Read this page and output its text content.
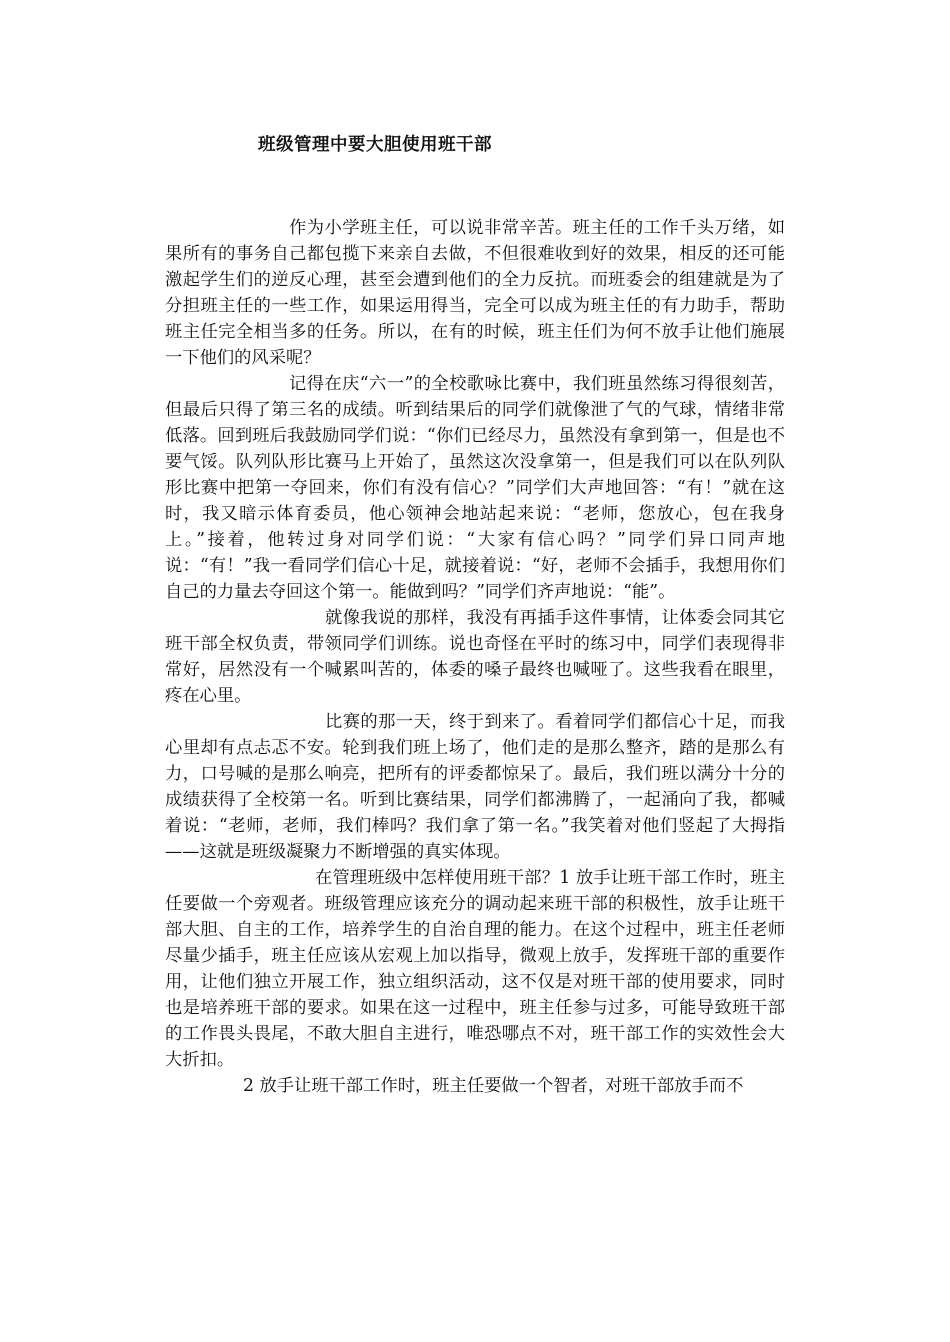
班级管理中要大胆使用班干部

作为小学班主任，可以说非常辛苦。班主任的工作千头万绪，如果所有的事务自己都包揽下来亲自去做，不但很难收到好的效果，相反的还可能激起学生们的逆反心理，甚至会遭到他们的全力反抗。而班委会的组建就是为了分担班主任的一些工作，如果运用得当，完全可以成为班主任的有力助手，帮助班主任完全相当多的任务。所以，在有的时候，班主任们为何不放手让他们施展一下他们的风采呢？

记得在庆“六一”的全校歌咏比赛中，我们班虽然练习得很刻苦，但最后只得了第三名的成绩。听到结果后的同学们就像泄了气的气球，情绪非常低落。回到班后我鼓励同学们说：“你们已经尽力，虽然没有拿到第一，但是也不要气馁。队列队形比赛马上开始了，虽然这次没拿第一，但是我们可以在队列队形比赛中把第一夺回来，你们有没有信心？”同学们大声地回答：“有！”就在这时，我又暗示体育委员，他心领神会地站起来说：“老师，您放心，包在我身上。”接着，他转过身对同学们说：“大家有信心吗？”同学们异口同声地说：“有！”我一看同学们信心十足，就接着说：“好，老师不会插手，我想用你们自己的力量去夺回这个第一。能做到吗？”同学们齐声地说：“能”。

就像我说的那样，我没有再插手这件事情，让体委会同其它班干部全权负责，带领同学们训练。说也奇怪在平时的练习中，同学们表现得非常好，居然没有一个喊累叫苦的，体委的嗓子最终也喊哑了。这些我看在眼里，疼在心里。

比赛的那一天，终于到来了。看着同学们都信心十足，而我心里却有点忐忑不安。轮到我们班上场了，他们走的是那么整齐，踏的是那么有力，口号喊的是那么响亮，把所有的评委都惊呆了。最后，我们班以满分十分的成绩获得了全校第一名。听到比赛结果，同学们都沸腾了，一起涌向了我，都喊着说：“老师，老师，我们棒吗？我们拿了第一名。”我笑着对他们竖起了大拇指——这就是班级凝聚力不断增强的真实体现。

在管理班级中怎样使用班干部？1 放手让班干部工作时，班主任要做一个旁观者。班级管理应该充分的调动起来班干部的积极性，放手让班干部大胆、自主的工作，培养学生的自治自理的能力。在这个过程中，班主任老师尽量少插手，班主任应该从宏观上加以指导，微观上放手，发挥班干部的重要作用，让他们独立开展工作，独立组织活动，这不仅是对班干部的使用要求，同时也是培养班干部的要求。如果在这一过程中，班主任参与过多，可能导致班干部的工作畏头畏尾，不敢大胆自主进行，唯恐哪点不对，班干部工作的实效性会大大折扣。

2 放手让班干部工作时，班主任要做一个智者，对班干部放手而不
